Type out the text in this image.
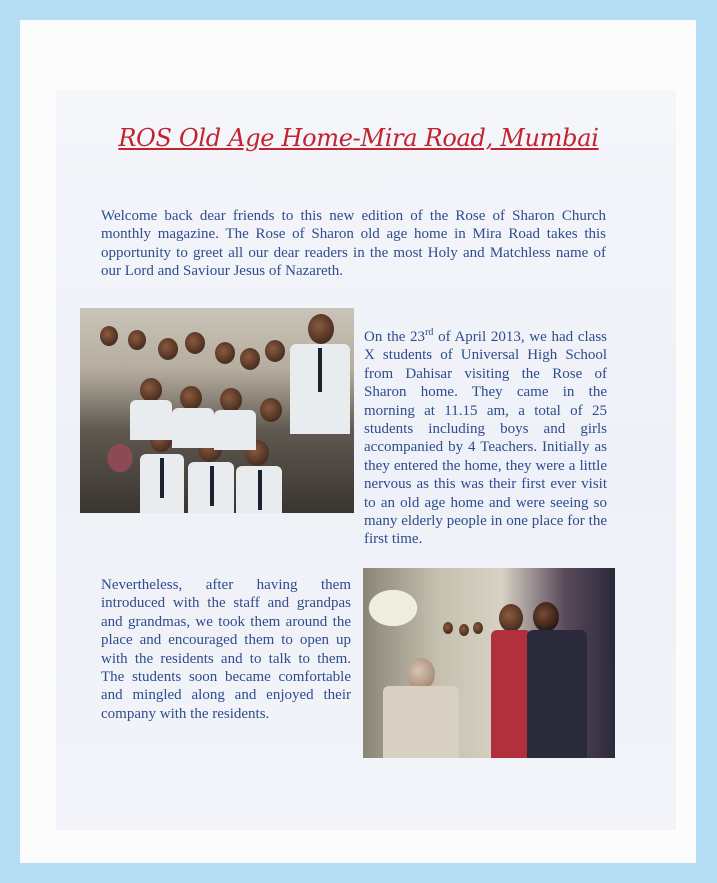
ROS Old Age Home-Mira Road, Mumbai
Welcome back dear friends to this new edition of the Rose of Sharon Church monthly magazine. The Rose of Sharon old age home in Mira Road takes this opportunity to greet all our dear readers in the most Holy and Matchless name of our Lord and Saviour Jesus of Nazareth.
On the 23rd of April 2013, we had class X students of Universal High School from Dahisar visiting the Rose of Sharon home. They came in the morning at 11.15 am, a total of 25 students including boys and girls accompanied by 4 Teachers. Initially as they entered the home, they were a little nervous as this was their first ever visit to an old age home and were seeing so many elderly people in one place for the first time.
Nevertheless, after having them introduced with the staff and grandpas and grandmas, we took them around the place and encouraged them to open up with the residents and to talk to them. The students soon became comfortable and mingled along and enjoyed their company with the residents.
